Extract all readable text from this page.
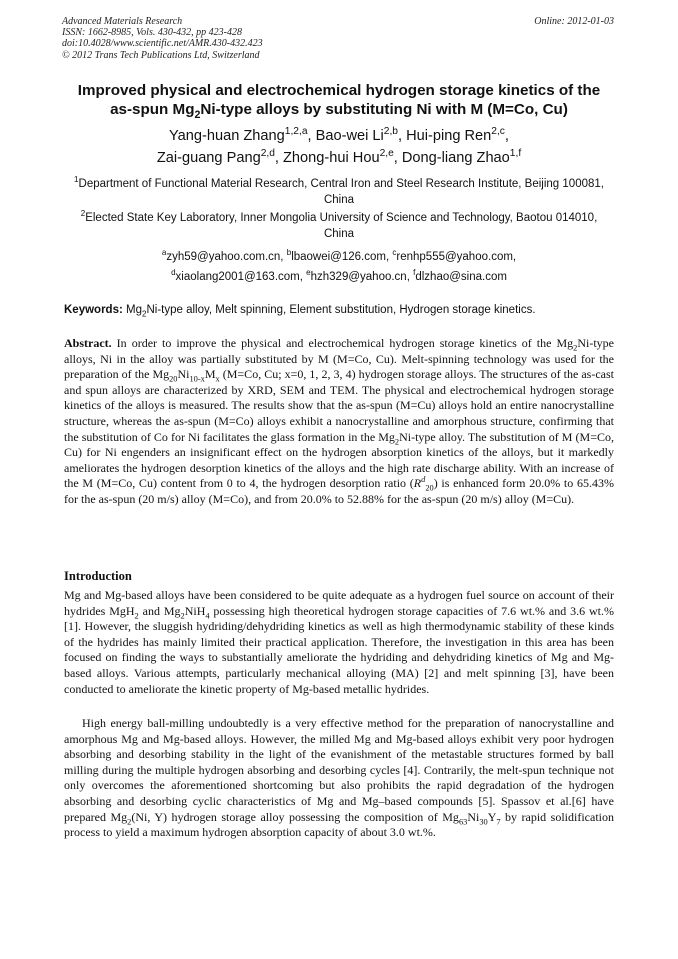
Advanced Materials Research
ISSN: 1662-8985, Vols. 430-432, pp 423-428
doi:10.4028/www.scientific.net/AMR.430-432.423
© 2012 Trans Tech Publications Ltd, Switzerland
Online: 2012-01-03
Improved physical and electrochemical hydrogen storage kinetics of the
as-spun $Mg_2Ni$-type alloys by substituting Ni with M (M=Co, Cu)
Yang-huan Zhang$^{1,2,a}$, Bao-wei Li$^{2,b}$, Hui-ping Ren$^{2,c}$,
Zai-guang Pang$^{2,d}$, Zhong-hui Hou$^{2,e}$, Dong-liang Zhao$^{1,f}$
$^1$Department of Functional Material Research, Central Iron and Steel Research Institute, Beijing 100081, China
$^2$Elected State Key Laboratory, Inner Mongolia University of Science and Technology, Baotou 014010, China
$^a$zyh59@yahoo.com.cn, $^b$lbaowei@126.com, $^c$renhp555@yahoo.com,
$^d$xiaolang2001@163.com, $^e$hzh329@yahoo.cn, $^f$dlzhao@sina.com
Keywords: $Mg_2Ni$-type alloy, Melt spinning, Element substitution, Hydrogen storage kinetics.
Abstract. In order to improve the physical and electrochemical hydrogen storage kinetics of the $Mg_2Ni$-type alloys, Ni in the alloy was partially substituted by M (M=Co, Cu). Melt-spinning technology was used for the preparation of the $Mg_{20}Ni_{10-x}M_x$ (M=Co, Cu; x=0, 1, 2, 3, 4) hydrogen storage alloys. The structures of the as-cast and spun alloys are characterized by XRD, SEM and TEM. The physical and electrochemical hydrogen storage kinetics of the alloys is measured. The results show that the as-spun (M=Cu) alloys hold an entire nanocrystalline structure, whereas the as-spun (M=Co) alloys exhibit a nanocrystalline and amorphous structure, confirming that the substitution of Co for Ni facilitates the glass formation in the $Mg_2Ni$-type alloy. The substitution of M (M=Co, Cu) for Ni engenders an insignificant effect on the hydrogen absorption kinetics of the alloys, but it markedly ameliorates the hydrogen desorption kinetics of the alloys and the high rate discharge ability. With an increase of the M (M=Co, Cu) content from 0 to 4, the hydrogen desorption ratio $(R^d_{20})$ is enhanced form 20.0% to 65.43% for the as-spun (20 m/s) alloy (M=Co), and from 20.0% to 52.88% for the as-spun (20 m/s) alloy (M=Cu).
Introduction
Mg and Mg-based alloys have been considered to be quite adequate as a hydrogen fuel source on account of their hydrides MgH$_2$ and $Mg_2NiH_4$ possessing high theoretical hydrogen storage capacities of 7.6 wt.% and 3.6 wt.% [1]. However, the sluggish hydriding/dehydriding kinetics as well as high thermodynamic stability of these kinds of the hydrides has mainly limited their practical application. Therefore, the investigation in this area has been focused on finding the ways to substantially ameliorate the hydriding and dehydriding kinetics of Mg and Mg-based alloys. Various attempts, particularly mechanical alloying (MA) [2] and melt spinning [3], have been conducted to ameliorate the kinetic property of Mg-based metallic hydrides.
High energy ball-milling undoubtedly is a very effective method for the preparation of nanocrystalline and amorphous Mg and Mg-based alloys. However, the milled Mg and Mg-based alloys exhibit very poor hydrogen absorbing and desorbing stability in the light of the evanishment of the metastable structures formed by ball milling during the multiple hydrogen absorbing and desorbing cycles [4]. Contrarily, the melt-spun technique not only overcomes the aforementioned shortcoming but also prohibits the rapid degradation of the hydrogen absorbing and desorbing cyclic characteristics of Mg and Mg–based compounds [5]. Spassov et al.[6] have prepared $Mg_2(Ni$, Y) hydrogen storage alloy possessing the composition of $Mg_{63}Ni_{30}Y_7$ by rapid solidification process to yield a maximum hydrogen absorption capacity of about 3.0 wt.%.
